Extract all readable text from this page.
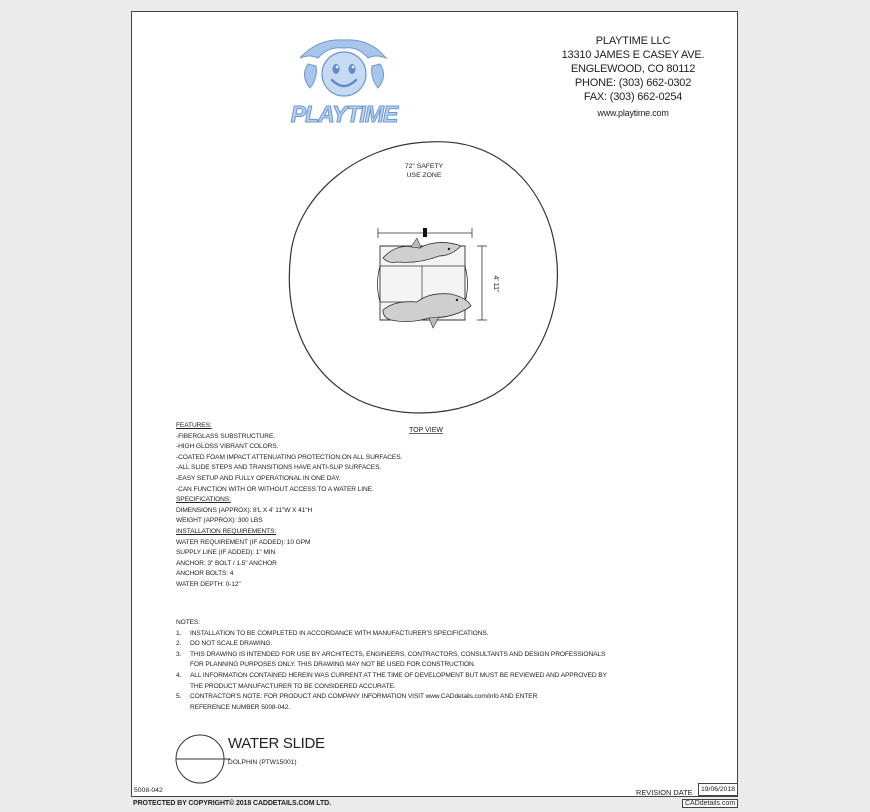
PLAYTIME
PLAYTIME LLC
13310 JAMES E CASEY AVE.
ENGLEWOOD, CO 80112
PHONE: (303) 662-0302
FAX: (303) 662-0254
www.playtime.com
72" SAFETY
USE ZONE
4' 11"
TOP VIEW
FEATURES:
-FIBERGLASS SUBSTRUCTURE.
-HIGH GLOSS VIBRANT COLORS.
-COATED FOAM IMPACT ATTENUATING PROTECTION ON ALL SURFACES.
-ALL SLIDE STEPS AND TRANSITIONS HAVE ANTI-SLIP SURFACES.
-EASY SETUP AND FULLY OPERATIONAL IN ONE DAY.
-CAN FUNCTION WITH OR WITHOUT ACCESS TO A WATER LINE.
SPECIFICATIONS:
DIMENSIONS (APPROX): 8'L X 4' 11"W X 41"H
WEIGHT (APPROX): 300 LBS
INSTALLATION REQUIREMENTS:
WATER REQUIREMENT (IF ADDED): 10 GPM
SUPPLY LINE (IF ADDED): 1" MIN
ANCHOR: 3" BOLT / 1.5" ANCHOR
ANCHOR BOLTS: 4
WATER DEPTH: 0-12"
NOTES:
1. INSTALLATION TO BE COMPLETED IN ACCORDANCE WITH MANUFACTURER'S SPECIFICATIONS.
2. DO NOT SCALE DRAWING.
3. THIS DRAWING IS INTENDED FOR USE BY ARCHITECTS, ENGINEERS, CONTRACTORS, CONSULTANTS AND DESIGN PROFESSIONALS
FOR PLANNING PURPOSES ONLY. THIS DRAWING MAY NOT BE USED FOR CONSTRUCTION.
4. ALL INFORMATION CONTAINED HEREIN WAS CURRENT AT THE TIME OF DEVELOPMENT BUT MUST BE REVIEWED AND APPROVED BY
THE PRODUCT MANUFACTURER TO BE CONSIDERED ACCURATE.
5. CONTRACTOR'S NOTE: FOR PRODUCT AND COMPANY INFORMATION VISIT www.CADdetails.com/info AND ENTER
REFERENCE NUMBER 5008-042.
WATER SLIDE
DOLPHIN (PTW15001)
5008-042	REVISION DATE	19/06/2018
PROTECTED BY COPYRIGHT© 2018 CADDETAILS.COM LTD.	CADdetails.com
